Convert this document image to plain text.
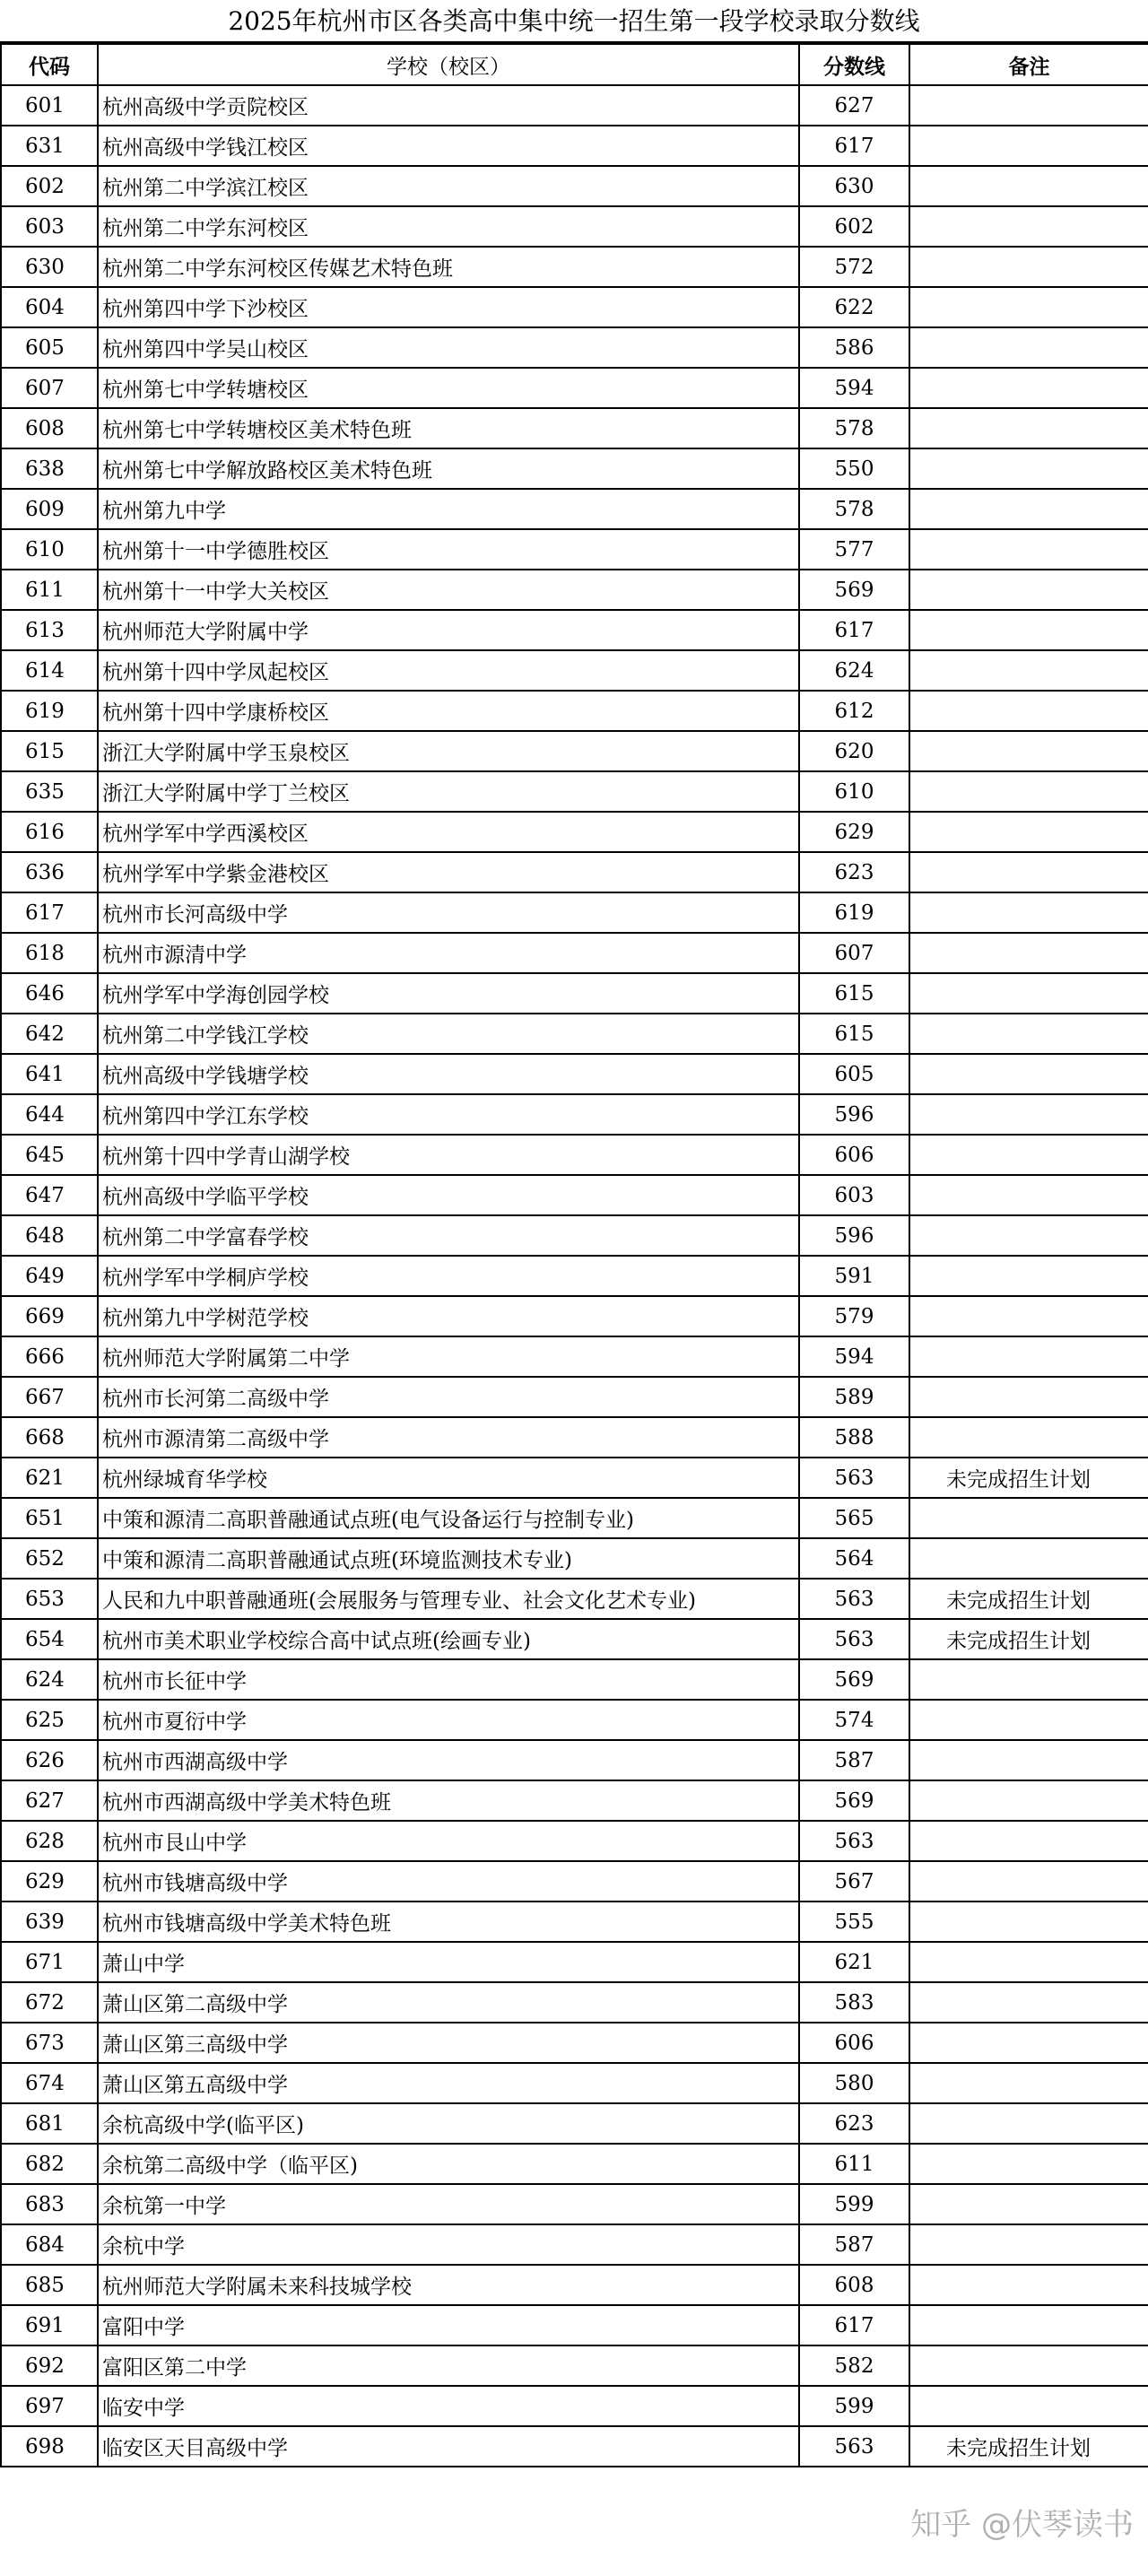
2025年杭州市区各类高中集中统一招生第一段学校录取分数线
代码	学校（校区）	分数线	备注
601	杭州高级中学贡院校区	627	
631	杭州高级中学钱江校区	617	
602	杭州第二中学滨江校区	630	
603	杭州第二中学东河校区	602	
630	杭州第二中学东河校区传媒艺术特色班	572	
604	杭州第四中学下沙校区	622	
605	杭州第四中学吴山校区	586	
607	杭州第七中学转塘校区	594	
608	杭州第七中学转塘校区美术特色班	578	
638	杭州第七中学解放路校区美术特色班	550	
609	杭州第九中学	578	
610	杭州第十一中学德胜校区	577	
611	杭州第十一中学大关校区	569	
613	杭州师范大学附属中学	617	
614	杭州第十四中学凤起校区	624	
619	杭州第十四中学康桥校区	612	
615	浙江大学附属中学玉泉校区	620	
635	浙江大学附属中学丁兰校区	610	
616	杭州学军中学西溪校区	629	
636	杭州学军中学紫金港校区	623	
617	杭州市长河高级中学	619	
618	杭州市源清中学	607	
646	杭州学军中学海创园学校	615	
642	杭州第二中学钱江学校	615	
641	杭州高级中学钱塘学校	605	
644	杭州第四中学江东学校	596	
645	杭州第十四中学青山湖学校	606	
647	杭州高级中学临平学校	603	
648	杭州第二中学富春学校	596	
649	杭州学军中学桐庐学校	591	
669	杭州第九中学树范学校	579	
666	杭州师范大学附属第二中学	594	
667	杭州市长河第二高级中学	589	
668	杭州市源清第二高级中学	588	
621	杭州绿城育华学校	563	未完成招生计划
651	中策和源清二高职普融通试点班(电气设备运行与控制专业)	565	
652	中策和源清二高职普融通试点班(环境监测技术专业)	564	
653	人民和九中职普融通班(会展服务与管理专业、社会文化艺术专业)	563	未完成招生计划
654	杭州市美术职业学校综合高中试点班(绘画专业)	563	未完成招生计划
624	杭州市长征中学	569	
625	杭州市夏衍中学	574	
626	杭州市西湖高级中学	587	
627	杭州市西湖高级中学美术特色班	569	
628	杭州市艮山中学	563	
629	杭州市钱塘高级中学	567	
639	杭州市钱塘高级中学美术特色班	555	
671	萧山中学	621	
672	萧山区第二高级中学	583	
673	萧山区第三高级中学	606	
674	萧山区第五高级中学	580	
681	余杭高级中学(临平区)	623	
682	余杭第二高级中学（临平区)	611	
683	余杭第一中学	599	
684	余杭中学	587	
685	杭州师范大学附属未来科技城学校	608	
691	富阳中学	617	
692	富阳区第二中学	582	
697	临安中学	599	
698	临安区天目高级中学	563	未完成招生计划
知乎 @伏琴读书
